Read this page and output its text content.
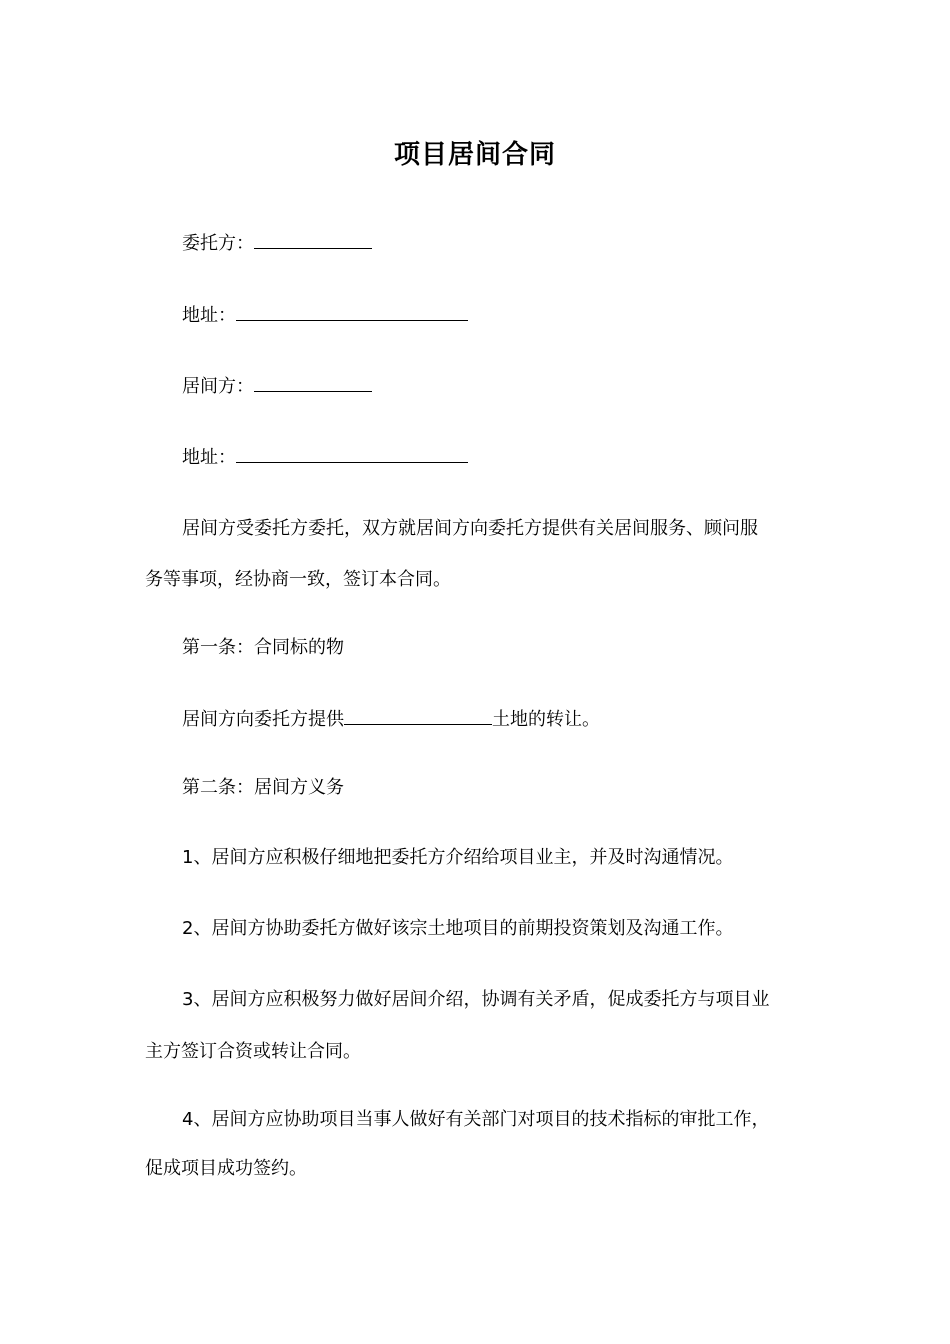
项目居间合同
委托方：
地址：
居间方：
地址：
居间方受委托方委托，双方就居间方向委托方提供有关居间服务、顾问服
务等事项，经协商一致，签订本合同。
第一条：合同标的物
居间方向委托方提供	土地的转让。
第二条：居间方义务
1、居间方应积极仔细地把委托方介绍给项目业主，并及时沟通情况。
2、居间方协助委托方做好该宗土地项目的前期投资策划及沟通工作。
3、居间方应积极努力做好居间介绍，协调有关矛盾，促成委托方与项目业
主方签订合资或转让合同。
4、居间方应协助项目当事人做好有关部门对项目的技术指标的审批工作，
促成项目成功签约。
